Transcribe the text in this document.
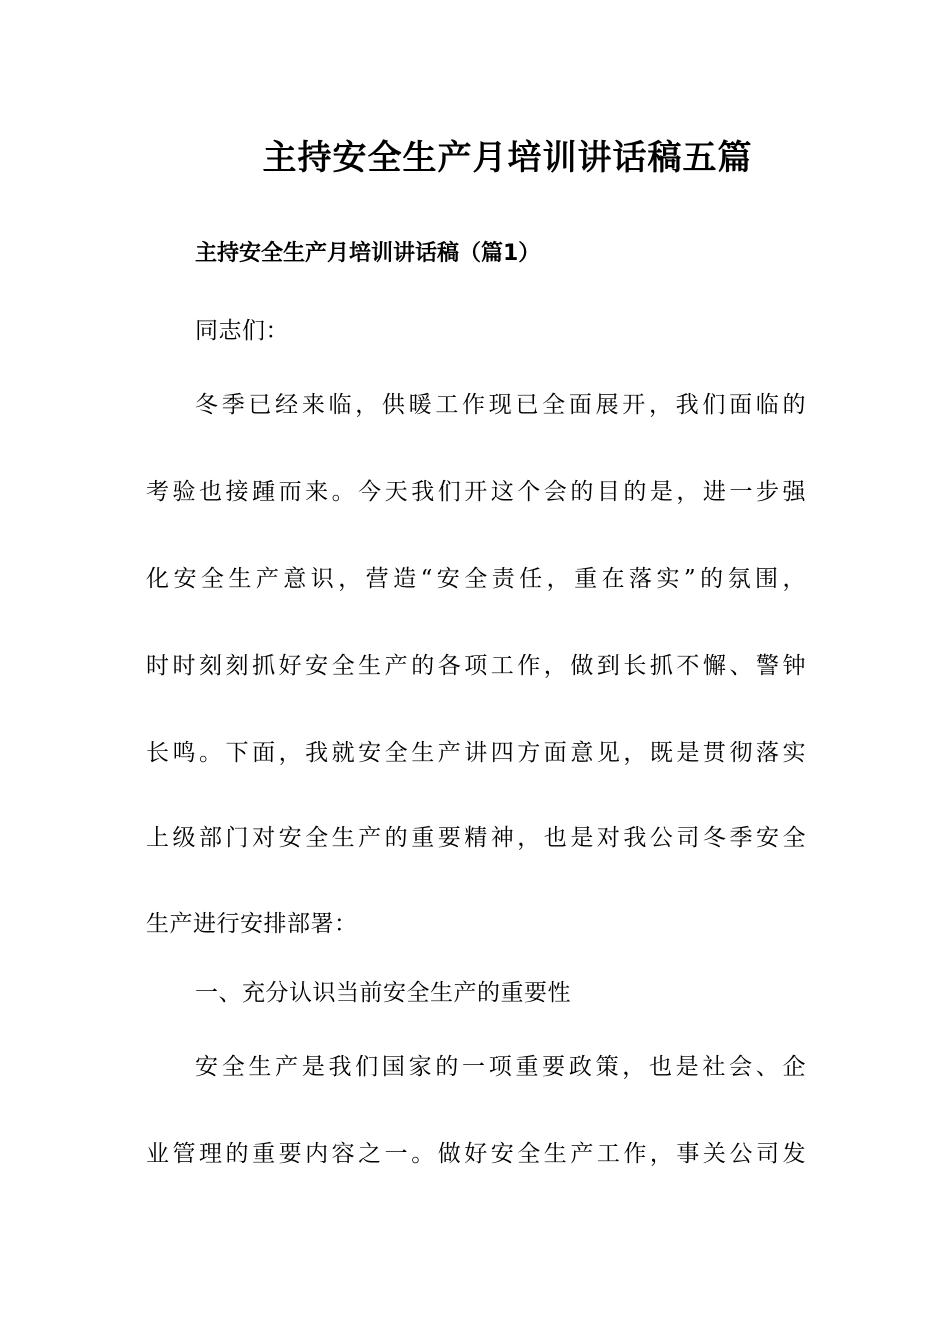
主持安全生产月培训讲话稿五篇
主持安全生产月培训讲话稿（篇1）

同志们：

冬季已经来临，供暖工作现已全面展开，我们面临的

考验也接踵而来。今天我们开这个会的目的是，进一步强

化安全生产意识，营造“安全责任，重在落实”的氛围，

时时刻刻抓好安全生产的各项工作，做到长抓不懈、警钟

长鸣。下面，我就安全生产讲四方面意见，既是贯彻落实

上级部门对安全生产的重要精神，也是对我公司冬季安全

生产进行安排部署：

一、充分认识当前安全生产的重要性

安全生产是我们国家的一项重要政策，也是社会、企

业管理的重要内容之一。做好安全生产工作，事关公司发
